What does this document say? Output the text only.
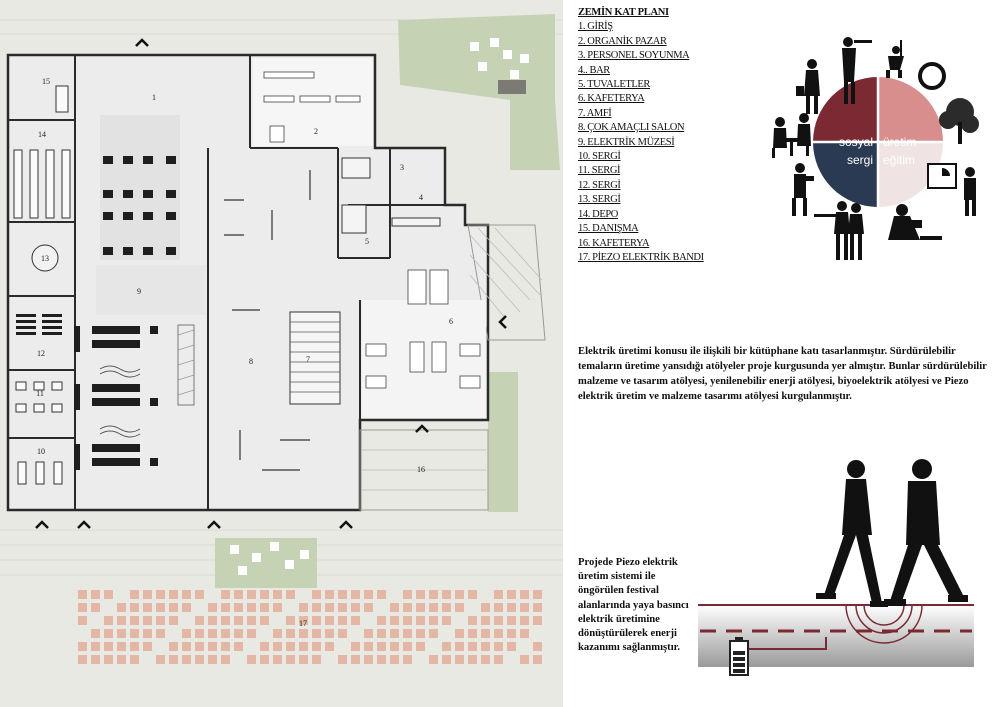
1
2
3
4
5
6
7
8
9
10
11
12
13
14
15
16
17
ZEMİN KAT PLANI
1. GİRİŞ
2. ORGANİK PAZAR
3. PERSONEL SOYUNMA
4.. BAR
5. TUVALETLER
6. KAFETERYA
7. AMFİ
8. ÇOK AMAÇLI SALON
9. ELEKTRİK MÜZESİ
10. SERGİ
11. SERGİ
12. SERGİ
13. SERGİ
14. DEPO
15. DANIŞMA
16. KAFETERYA
17. PİEZO ELEKTRİK BANDI
sosyal üretim
sergi eğitim
Elektrik üretimi konusu ile ilişkili bir kütüphane katı tasarlanmıştır. Sürdürülebilir temaların üretime yansıdığı atölyeler proje kurgusunda yer almıştır. Bunlar sürdürülebilir malzeme ve tasarım atölyesi, yenilenebilir enerji atölyesi, biyoelektrik atölyesi ve Piezo elektrik üretim ve malzeme tasarımı atölyesi kurgulanmıştır.
Projede Piezo elektrik üretim sistemi ile öngörülen festival alanlarında yaya basıncı elektrik üretimine dönüştürülerek enerji kazanımı sağlanmıştır.
